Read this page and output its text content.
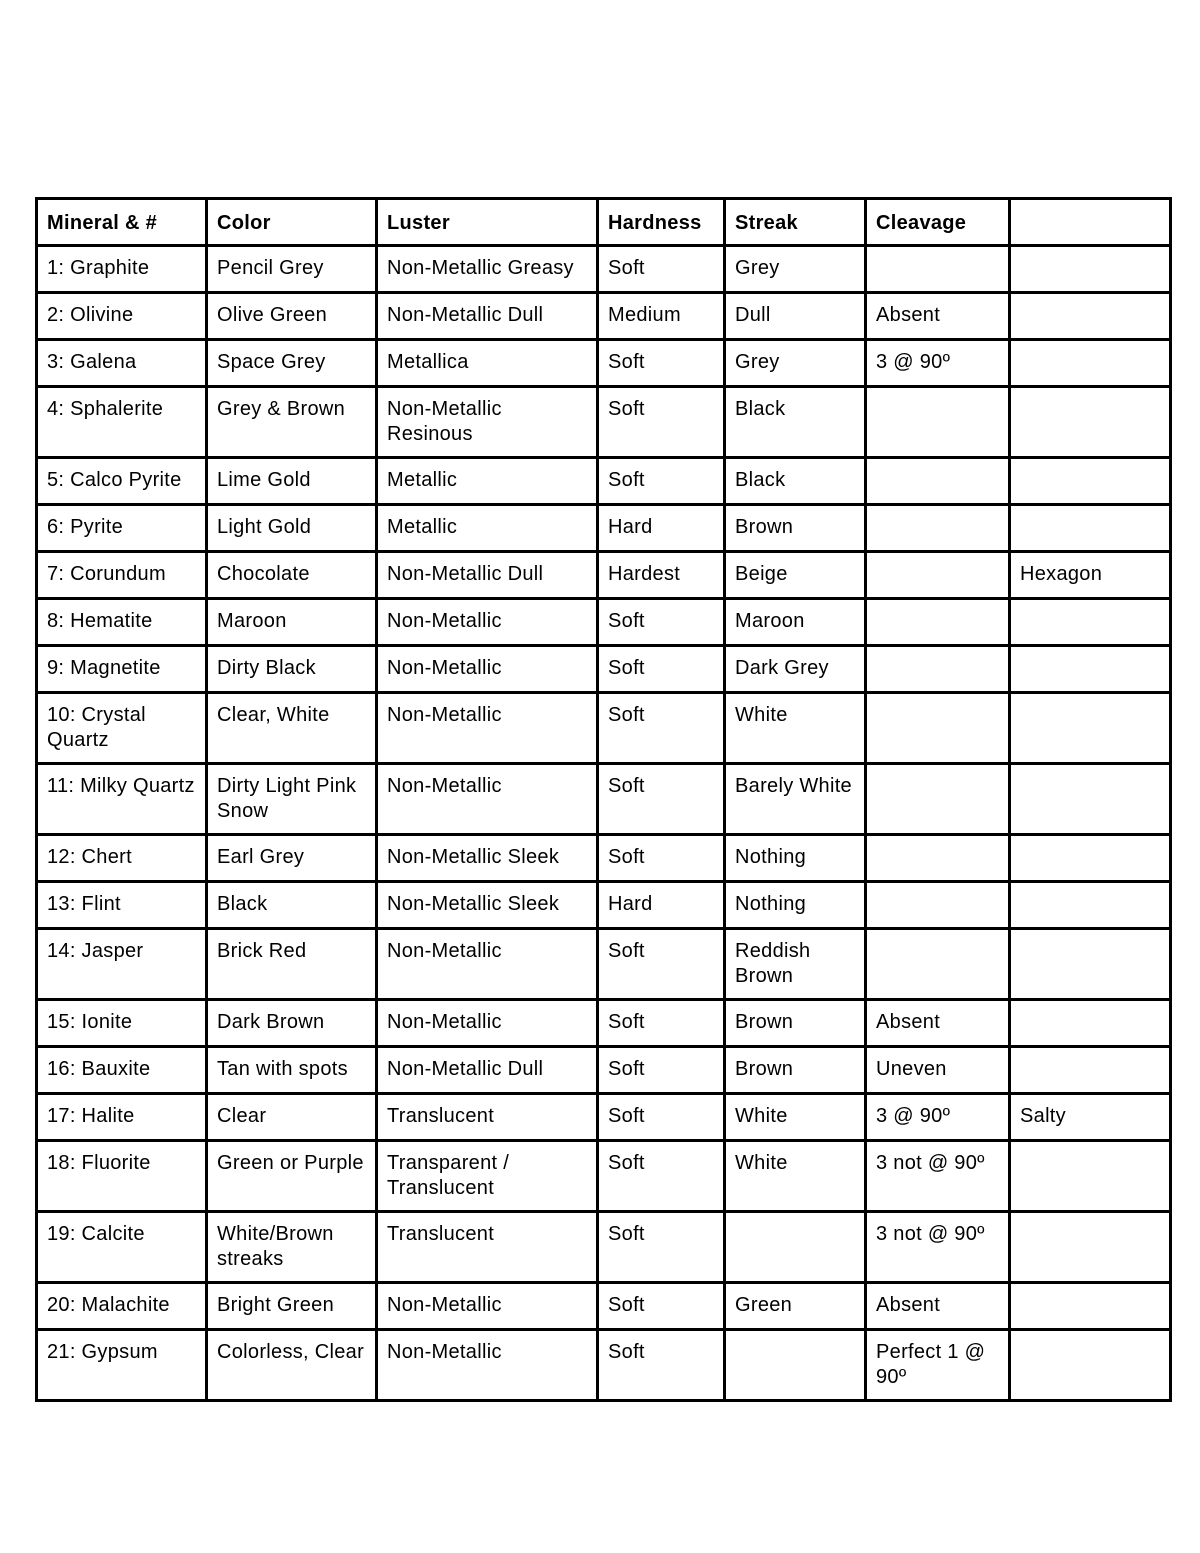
Mineral & #	Color	Luster	Hardness	Streak	Cleavage	
1: Graphite	Pencil Grey	Non-Metallic Greasy	Soft	Grey		
2: Olivine	Olive Green	Non-Metallic Dull	Medium	Dull	Absent	
3: Galena	Space Grey	Metallica	Soft	Grey	3 @ 90º	
4: Sphalerite	Grey & Brown	Non-Metallic Resinous	Soft	Black		
5: Calco Pyrite	Lime Gold	Metallic	Soft	Black		
6: Pyrite	Light Gold	Metallic	Hard	Brown		
7: Corundum	Chocolate	Non-Metallic Dull	Hardest	Beige		Hexagon
8: Hematite	Maroon	Non-Metallic	Soft	Maroon		
9: Magnetite	Dirty Black	Non-Metallic	Soft	Dark Grey		
10: Crystal Quartz	Clear, White	Non-Metallic	Soft	White		
11: Milky Quartz	Dirty Light Pink Snow	Non-Metallic	Soft	Barely White		
12: Chert	Earl Grey	Non-Metallic Sleek	Soft	Nothing		
13: Flint	Black	Non-Metallic Sleek	Hard	Nothing		
14: Jasper	Brick Red	Non-Metallic	Soft	Reddish Brown		
15: Ionite	Dark Brown	Non-Metallic	Soft	Brown	Absent	
16: Bauxite	Tan with spots	Non-Metallic Dull	Soft	Brown	Uneven	
17: Halite	Clear	Translucent	Soft	White	3 @ 90º	Salty
18: Fluorite	Green or Purple	Transparent / Translucent	Soft	White	3 not @ 90º	
19: Calcite	White/Brown streaks	Translucent	Soft		3 not @ 90º	
20: Malachite	Bright Green	Non-Metallic	Soft	Green	Absent	
21: Gypsum	Colorless, Clear	Non-Metallic	Soft		Perfect 1 @ 90º	
